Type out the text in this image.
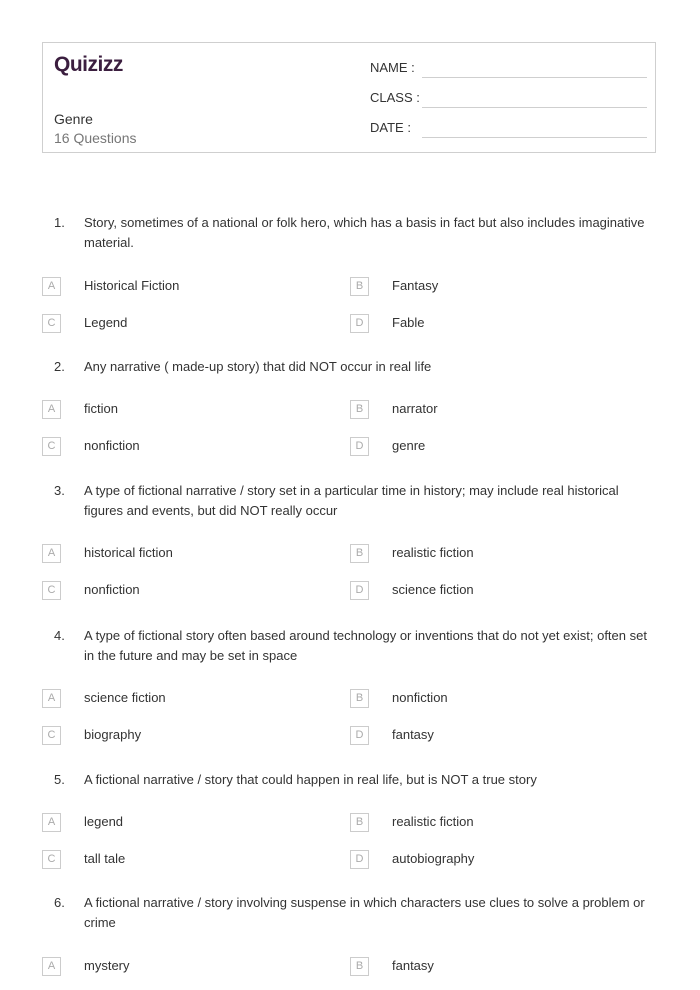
Quizizz
Genre
16 Questions
NAME :
CLASS :
DATE :
1. Story, sometimes of a national or folk hero, which has a basis in fact but also includes imaginative material.
A	Historical Fiction	B	Fantasy
C	Legend	D	Fable
2. Any narrative ( made-up story) that did NOT occur in real life
A	fiction	B	narrator
C	nonfiction	D	genre
3. A type of fictional narrative / story set in a particular time in history; may include real historical figures and events, but did NOT really occur
A	historical fiction	B	realistic fiction
C	nonfiction	D	science fiction
4. A type of fictional story often based around technology or inventions that do not yet exist; often set in the future and may be set in space
A	science fiction	B	nonfiction
C	biography	D	fantasy
5. A fictional narrative / story that could happen in real life, but is NOT a true story
A	legend	B	realistic fiction
C	tall tale	D	autobiography
6. A fictional narrative / story involving suspense in which characters use clues to solve a problem or crime
A	mystery	B	fantasy
